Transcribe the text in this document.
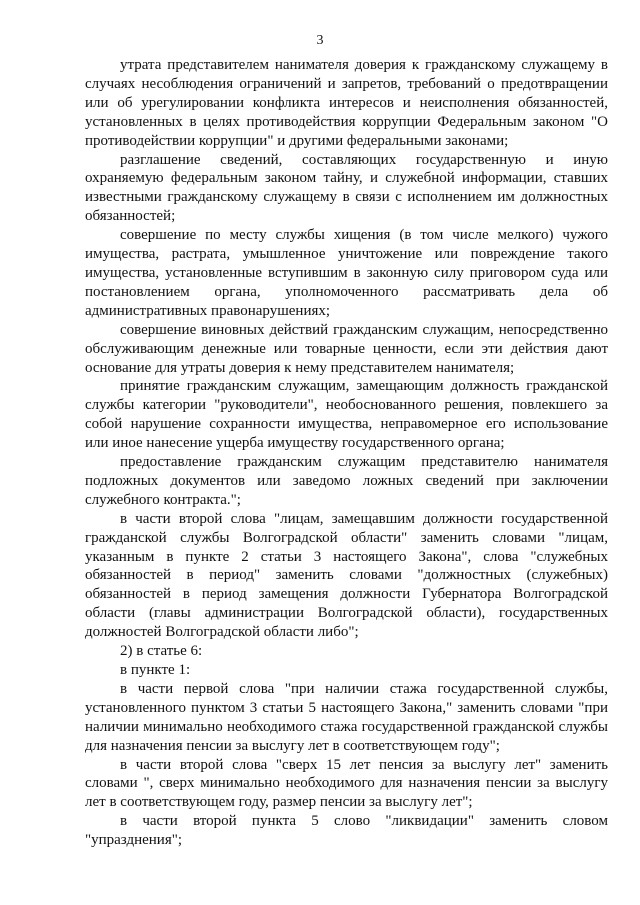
3

утрата представителем нанимателя доверия к гражданскому служащему в случаях несоблюдения ограничений и запретов, требований о предотвращении или об урегулировании конфликта интересов и неисполнения обязанностей, установленных в целях противодействия коррупции Федеральным законом "О противодействии коррупции" и другими федеральными законами;

разглашение сведений, составляющих государственную и иную охраняемую федеральным законом тайну, и служебной информации, ставших известными гражданскому служащему в связи с исполнением им должностных обязанностей;

совершение по месту службы хищения (в том числе мелкого) чужого имущества, растрата, умышленное уничтожение или повреждение такого имущества, установленные вступившим в законную силу приговором суда или постановлением органа, уполномоченного рассматривать дела об административных правонарушениях;

совершение виновных действий гражданским служащим, непосредственно обслуживающим денежные или товарные ценности, если эти действия дают основание для утраты доверия к нему представителем нанимателя;

принятие гражданским служащим, замещающим должность гражданской службы категории "руководители", необоснованного решения, повлекшего за собой нарушение сохранности имущества, неправомерное его использование или иное нанесение ущерба имуществу государственного органа;

предоставление гражданским служащим представителю нанимателя подложных документов или заведомо ложных сведений при заключении служебного контракта.";

в части второй слова "лицам, замещавшим должности государственной гражданской службы Волгоградской области" заменить словами "лицам, указанным в пункте 2 статьи 3 настоящего Закона", слова "служебных обязанностей в период" заменить словами "должностных (служебных) обязанностей в период замещения должности Губернатора Волгоградской области (главы администрации Волгоградской области), государственных должностей Волгоградской области либо";

2) в статье 6:

в пункте 1:

в части первой слова "при наличии стажа государственной службы, установленного пунктом 3 статьи 5 настоящего Закона," заменить словами "при наличии минимально необходимого стажа государственной гражданской службы для назначения пенсии за выслугу лет в соответствующем году";

в части второй слова "сверх 15 лет пенсия за выслугу лет" заменить словами ", сверх минимально необходимого для назначения пенсии за выслугу лет в соответствующем году, размер пенсии за выслугу лет";

в части второй пункта 5 слово "ликвидации" заменить словом "упразднения";
